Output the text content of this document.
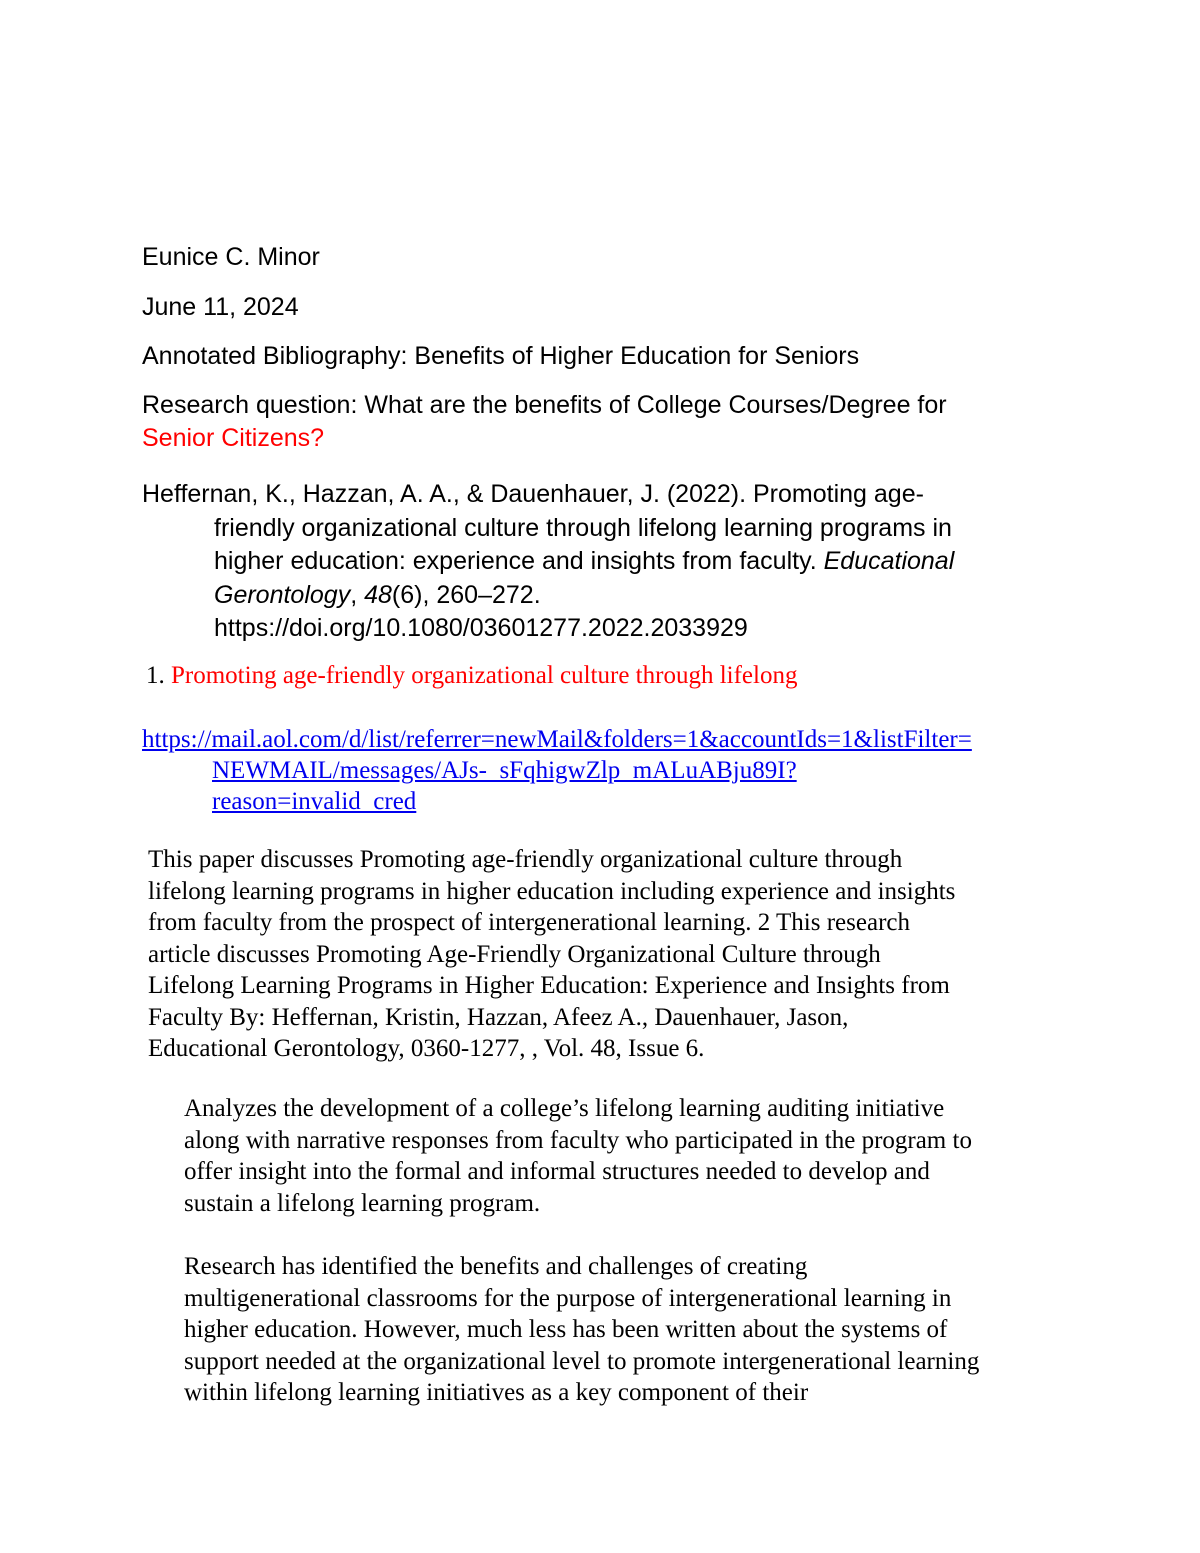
Eunice C. Minor
June 11, 2024
Annotated Bibliography: Benefits of Higher Education for Seniors
Research question: What are the benefits of College Courses/Degree for
Senior Citizens?
Heffernan, K., Hazzan, A. A., & Dauenhauer, J. (2022). Promoting age-
friendly organizational culture through lifelong learning programs in
higher education: experience and insights from faculty. Educational
Gerontology, 48(6), 260–272.
https://doi.org/10.1080/03601277.2022.2033929
1. Promoting age-friendly organizational culture through lifelong
https://mail.aol.com/d/list/referrer=newMail&folders=1&accountIds=1&listFilter=
NEWMAIL/messages/AJs-_sFqhigwZlp_mALuABju89I?
reason=invalid_cred
This paper discusses Promoting age-friendly organizational culture through
lifelong learning programs in higher education including experience and insights
from faculty from the prospect of intergenerational learning. 2 This research
article discusses Promoting Age-Friendly Organizational Culture through
Lifelong Learning Programs in Higher Education: Experience and Insights from
Faculty By: Heffernan, Kristin, Hazzan, Afeez A., Dauenhauer, Jason,
Educational Gerontology, 0360-1277, , Vol. 48, Issue 6.
Analyzes the development of a college’s lifelong learning auditing initiative
along with narrative responses from faculty who participated in the program to
offer insight into the formal and informal structures needed to develop and
sustain a lifelong learning program.
Research has identified the benefits and challenges of creating
multigenerational classrooms for the purpose of intergenerational learning in
higher education. However, much less has been written about the systems of
support needed at the organizational level to promote intergenerational learning
within lifelong learning initiatives as a key component of their
